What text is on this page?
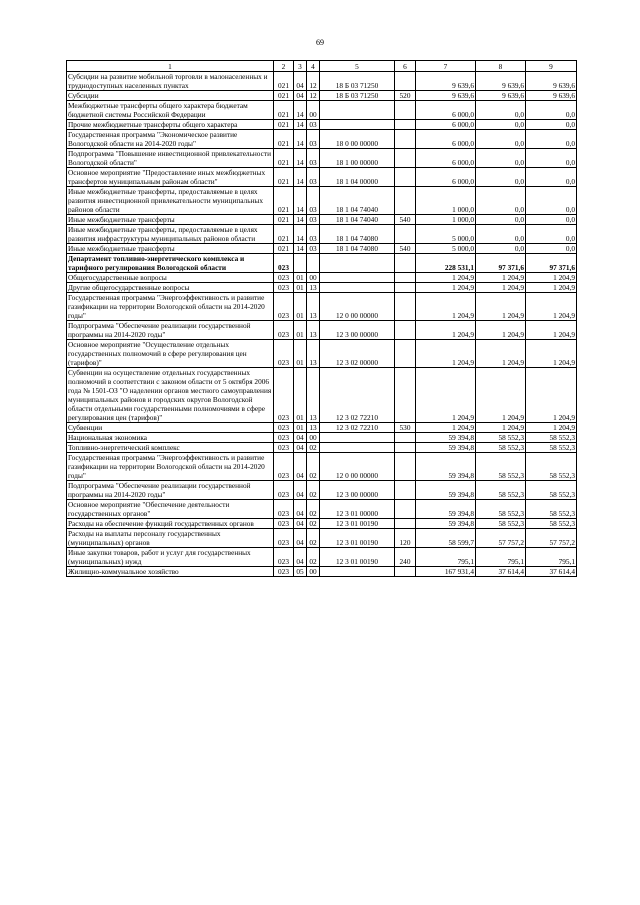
69
1	2	3	4	5	6	7	8	9
Субсидии на развитие мобильной торговли в малонаселенных и труднодоступных населенных пунктах	021	04	12	18 Б 03 71250		9 639,6	9 639,6	9 639,6
Субсидии	021	04	12	18 Б 03 71250	520	9 639,6	9 639,6	9 639,6
Межбюджетные трансферты общего характера бюджетам бюджетной системы Российской Федерации	021	14	00			6 000,0	0,0	0,0
Прочие межбюджетные трансферты общего характера	021	14	03			6 000,0	0,0	0,0
Государственная программа "Экономическое развитие Вологодской области на 2014-2020 годы"	021	14	03	18 0 00 00000		6 000,0	0,0	0,0
Подпрограмма "Повышение инвестиционной привлекательности Вологодской области"	021	14	03	18 1 00 00000		6 000,0	0,0	0,0
Основное мероприятие "Предоставление иных межбюджетных трансфертов муниципальным районам области"	021	14	03	18 1 04 00000		6 000,0	0,0	0,0
Иные межбюджетные трансферты, предоставляемые в целях развития инвестиционной привлекательности муниципальных районов области	021	14	03	18 1 04 74040		1 000,0	0,0	0,0
Иные межбюджетные трансферты	021	14	03	18 1 04 74040	540	1 000,0	0,0	0,0
Иные межбюджетные трансферты, предоставляемые в целях развития инфраструктуры муниципальных районов области	021	14	03	18 1 04 74080		5 000,0	0,0	0,0
Иные межбюджетные трансферты	021	14	03	18 1 04 74080	540	5 000,0	0,0	0,0
Департамент топливно-энергетического комплекса и тарифного регулирования Вологодской области	023					228 531,1	97 371,6	97 371,6
Общегосударственные вопросы	023	01	00			1 204,9	1 204,9	1 204,9
Другие общегосударственные вопросы	023	01	13			1 204,9	1 204,9	1 204,9
Государственная программа "Энергоэффективность и развитие газификации на территории Вологодской области на 2014-2020 годы"	023	01	13	12 0 00 00000		1 204,9	1 204,9	1 204,9
Подпрограмма "Обеспечение реализации государственной программы на 2014-2020 годы"	023	01	13	12 3 00 00000		1 204,9	1 204,9	1 204,9
Основное мероприятие "Осуществление отдельных государственных полномочий в сфере регулирования цен (тарифов)"	023	01	13	12 3 02 00000		1 204,9	1 204,9	1 204,9
Субвенции на осуществление отдельных государственных полномочий в соответствии с законом области от 5 октября 2006 года № 1501-ОЗ "О наделении органов местного самоуправления муниципальных районов и городских округов Вологодской области отдельными государственными полномочиями в сфере регулирования цен (тарифов)"	023	01	13	12 3 02 72210		1 204,9	1 204,9	1 204,9
Субвенции	023	01	13	12 3 02 72210	530	1 204,9	1 204,9	1 204,9
Национальная экономика	023	04	00			59 394,8	58 552,3	58 552,3
Топливно-энергетический комплекс	023	04	02			59 394,8	58 552,3	58 552,3
Государственная программа "Энергоэффективность и развитие газификации на территории Вологодской области на 2014-2020 годы"	023	04	02	12 0 00 00000		59 394,8	58 552,3	58 552,3
Подпрограмма "Обеспечение реализации государственной программы на 2014-2020 годы"	023	04	02	12 3 00 00000		59 394,8	58 552,3	58 552,3
Основное мероприятие "Обеспечение деятельности государственных органов"	023	04	02	12 3 01 00000		59 394,8	58 552,3	58 552,3
Расходы на обеспечение функций государственных органов	023	04	02	12 3 01 00190		59 394,8	58 552,3	58 552,3
Расходы на выплаты персоналу государственных (муниципальных) органов	023	04	02	12 3 01 00190	120	58 599,7	57 757,2	57 757,2
Иные закупки товаров, работ и услуг для государственных (муниципальных) нужд	023	04	02	12 3 01 00190	240	795,1	795,1	795,1
Жилищно-коммунальное хозяйство	023	05	00			167 931,4	37 614,4	37 614,4
